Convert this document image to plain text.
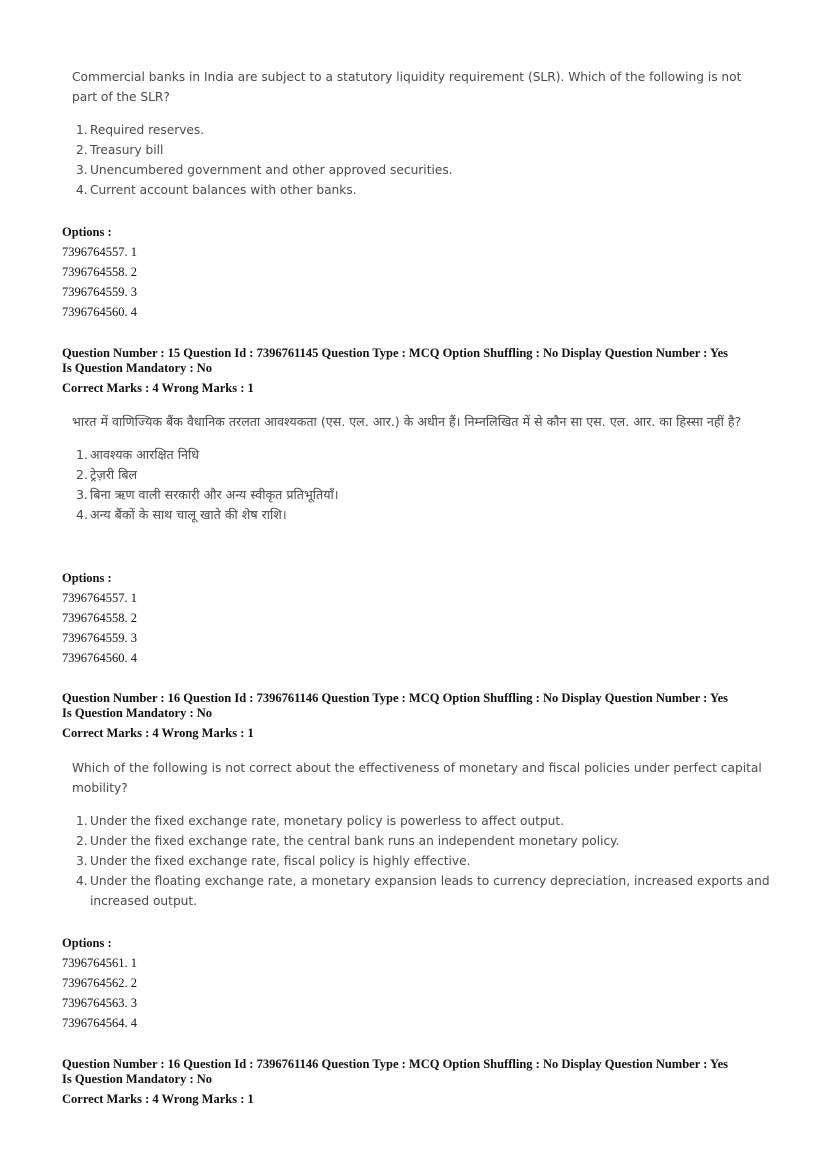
Commercial banks in India are subject to a statutory liquidity requirement (SLR). Which of the following is not part of the SLR?
1. Required reserves.
2. Treasury bill
3. Unencumbered government and other approved securities.
4. Current account balances with other banks.
Options :
7396764557. 1
7396764558. 2
7396764559. 3
7396764560. 4
Question Number : 15 Question Id : 7396761145 Question Type : MCQ Option Shuffling : No Display Question Number : Yes
Is Question Mandatory : No
Correct Marks : 4 Wrong Marks : 1
भारत में वाणिज्यिक बैंक वैधानिक तरलता आवश्यकता (एस. एल. आर.) के अधीन हैं। निम्नलिखित में से कौन सा एस. एल. आर. का हिस्सा नहीं है?
1. आवश्यक आरक्षित निधि
2. ट्रेज़री बिल
3. बिना ऋण वाली सरकारी और अन्य स्वीकृत प्रतिभूतियाँ।
4. अन्य बैंकों के साथ चालू खाते की शेष राशि।
Options :
7396764557. 1
7396764558. 2
7396764559. 3
7396764560. 4
Question Number : 16 Question Id : 7396761146 Question Type : MCQ Option Shuffling : No Display Question Number : Yes
Is Question Mandatory : No
Correct Marks : 4 Wrong Marks : 1
Which of the following is not correct about the effectiveness of monetary and fiscal policies under perfect capital mobility?
1. Under the fixed exchange rate, monetary policy is powerless to affect output.
2. Under the fixed exchange rate, the central bank runs an independent monetary policy.
3. Under the fixed exchange rate, fiscal policy is highly effective.
4. Under the floating exchange rate, a monetary expansion leads to currency depreciation, increased exports and increased output.
Options :
7396764561. 1
7396764562. 2
7396764563. 3
7396764564. 4
Question Number : 16 Question Id : 7396761146 Question Type : MCQ Option Shuffling : No Display Question Number : Yes
Is Question Mandatory : No
Correct Marks : 4 Wrong Marks : 1
